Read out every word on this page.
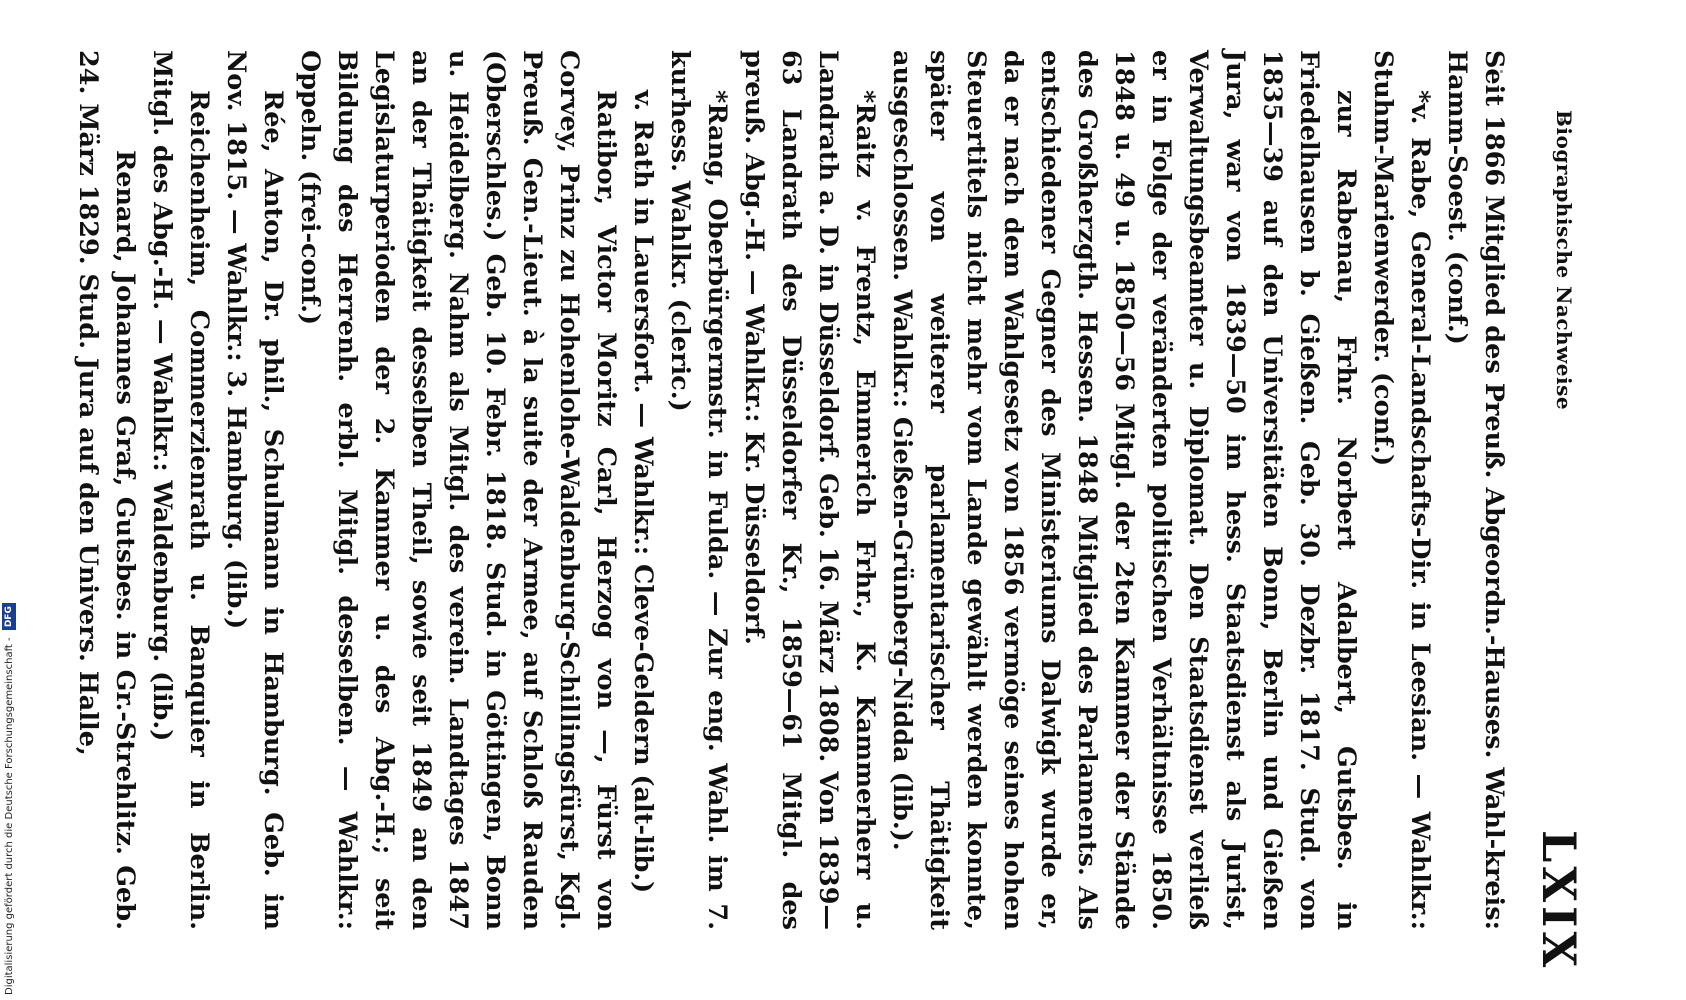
Biographische Nachweise
LXIX

Seit 1866 Mitglied des Preuß. Abgeordn.-Hauses. Wahl-kreis: Hamm-Soest. (conf.)

*v. Rabe, General-Landschafts-Dir. in Leesian. — Wahlkr.: Stuhm-Marienwerder. (conf.)

zur Rabenau, Frhr. Norbert Adalbert, Gutsbes. in Friedelhausen b. Gießen. Geb. 30. Dezbr. 1817. Stud. von 1835—39 auf den Universitäten Bonn, Berlin und Gießen Jura, war von 1839—50 im hess. Staatsdienst als Jurist, Verwaltungsbeamter u. Diplomat. Den Staatsdienst verließ er in Folge der veränderten politischen Verhältnisse 1850. 1848 u. 49 u. 1850—56 Mitgl. der 2ten Kammer der Stände des Großherzgth. Hessen. 1848 Mitglied des Parlaments. Als entschiedener Gegner des Ministeriums Dalwigk wurde er, da er nach dem Wahlgesetz von 1856 vermöge seines hohen Steuertitels nicht mehr vom Lande gewählt werden konnte, später von weiterer parlamentarischer Thätigkeit ausgeschlossen. Wahlkr.: Gießen-Grünberg-Nidda (lib.).

*Raitz v. Frentz, Emmerich Frhr., K. Kammerherr u. Landrath a. D. in Düsseldorf. Geb. 16. März 1808. Von 1839—63 Landrath des Düsseldorfer Kr., 1859—61 Mitgl. des preuß. Abg.-H. — Wahlkr.: Kr. Düsseldorf.

*Rang, Oberbürgermstr. in Fulda. — Zur eng. Wahl. im 7. kurhess. Wahlkr. (cleric.)

v. Rath in Lauersfort. — Wahlkr.: Cleve-Geldern (alt-lib.)

Ratibor, Victor Moritz Carl, Herzog von —, Fürst von Corvey, Prinz zu Hohenlohe-Waldenburg-Schillingsfürst, Kgl. Preuß. Gen.-Lieut. à la suite der Armee, auf Schloß Rauden (Oberschles.) Geb. 10. Febr. 1818. Stud. in Göttingen, Bonn u. Heidelberg. Nahm als Mitgl. des verein. Landtages 1847 an der Thätigkeit desselben Theil, sowie seit 1849 an den Legislaturperioden der 2. Kammer u. des Abg.-H.; seit Bildung des Herrenh. erbl. Mitgl. desselben. — Wahlkr.: Oppeln. (frei-conf.)

Rée, Anton, Dr. phil., Schulmann in Hamburg. Geb. im Nov. 1815. — Wahlkr.: 3. Hamburg. (lib.)

Reichenheim, Commerzienrath u. Banquier in Berlin. Mitgl. des Abg.-H. — Wahlkr.: Waldenburg. (lib.)

Renard, Johannes Graf, Gutsbes. in Gr.-Strehlitz. Geb. 24. März 1829. Stud. Jura auf den Univers. Halle,

Digitalisierung gefördert durch die Deutsche Forschungsgemeinschaft - DFG
